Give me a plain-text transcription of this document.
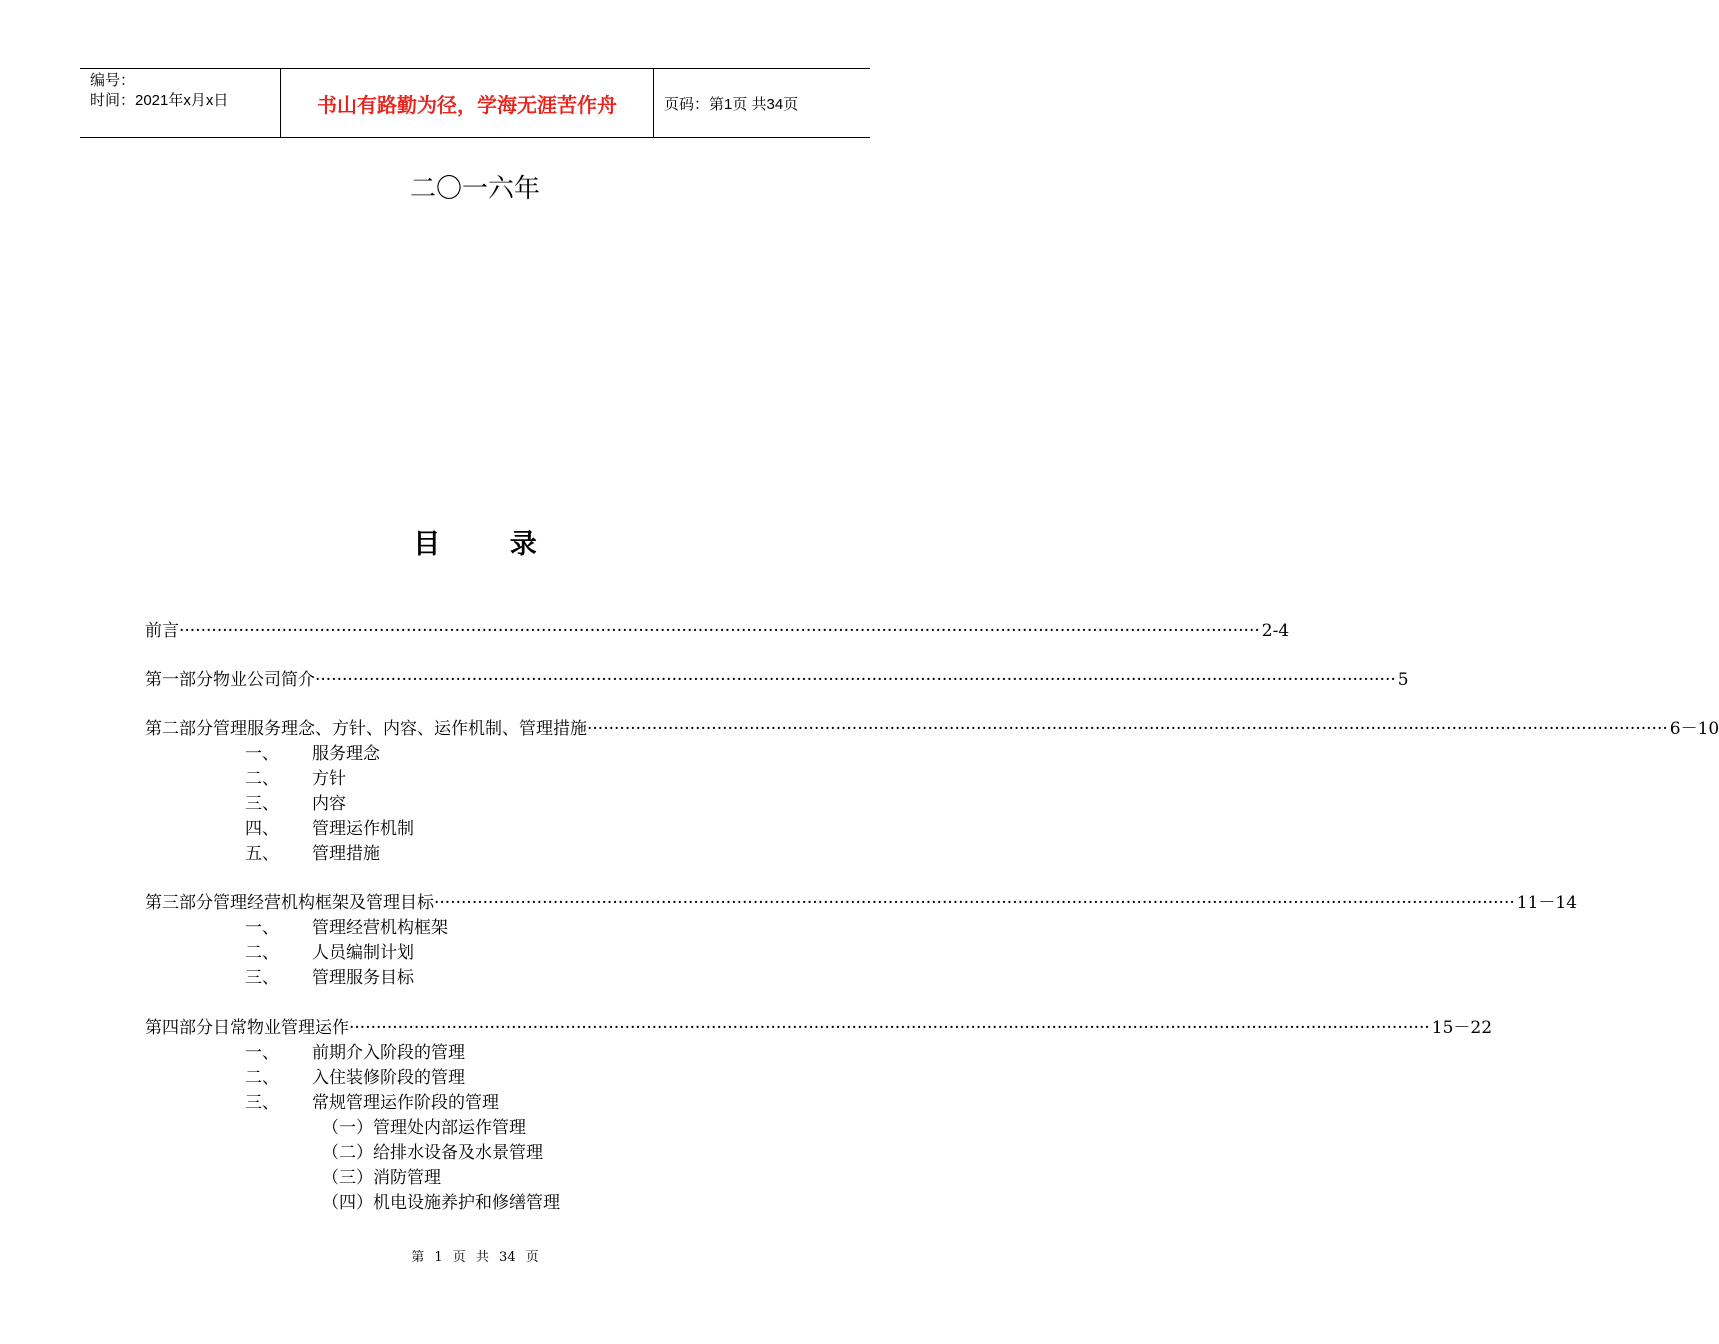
编号：
时间：2021年x月x日	书山有路勤为径，学海无涯苦作舟	页码：第1页 共34页
二〇一六年
目 录
前言 ········································································································································································································ 2-4
第一部分 物业公司简介 ········································································································································································································ 5
第二部分 管理服务理念、方针、内容、运作机制、管理措施 ········································································································································································································ 6－10
一、 服务理念
二、 方针
三、 内容
四、 管理运作机制
五、 管理措施
第三部分 管理经营机构框架及管理目标 ········································································································································································································ 11－14
一、 管理经营机构框架
二、 人员编制计划
三、 管理服务目标
第四部分 日常物业管理运作 ········································································································································································································ 15－22
一、 前期介入阶段的管理
二、 入住装修阶段的管理
三、 常规管理运作阶段的管理
（一）管理处内部运作管理
（二）给排水设备及水景管理
（三）消防管理
（四）机电设施养护和修缮管理
第 1 页 共 34 页
